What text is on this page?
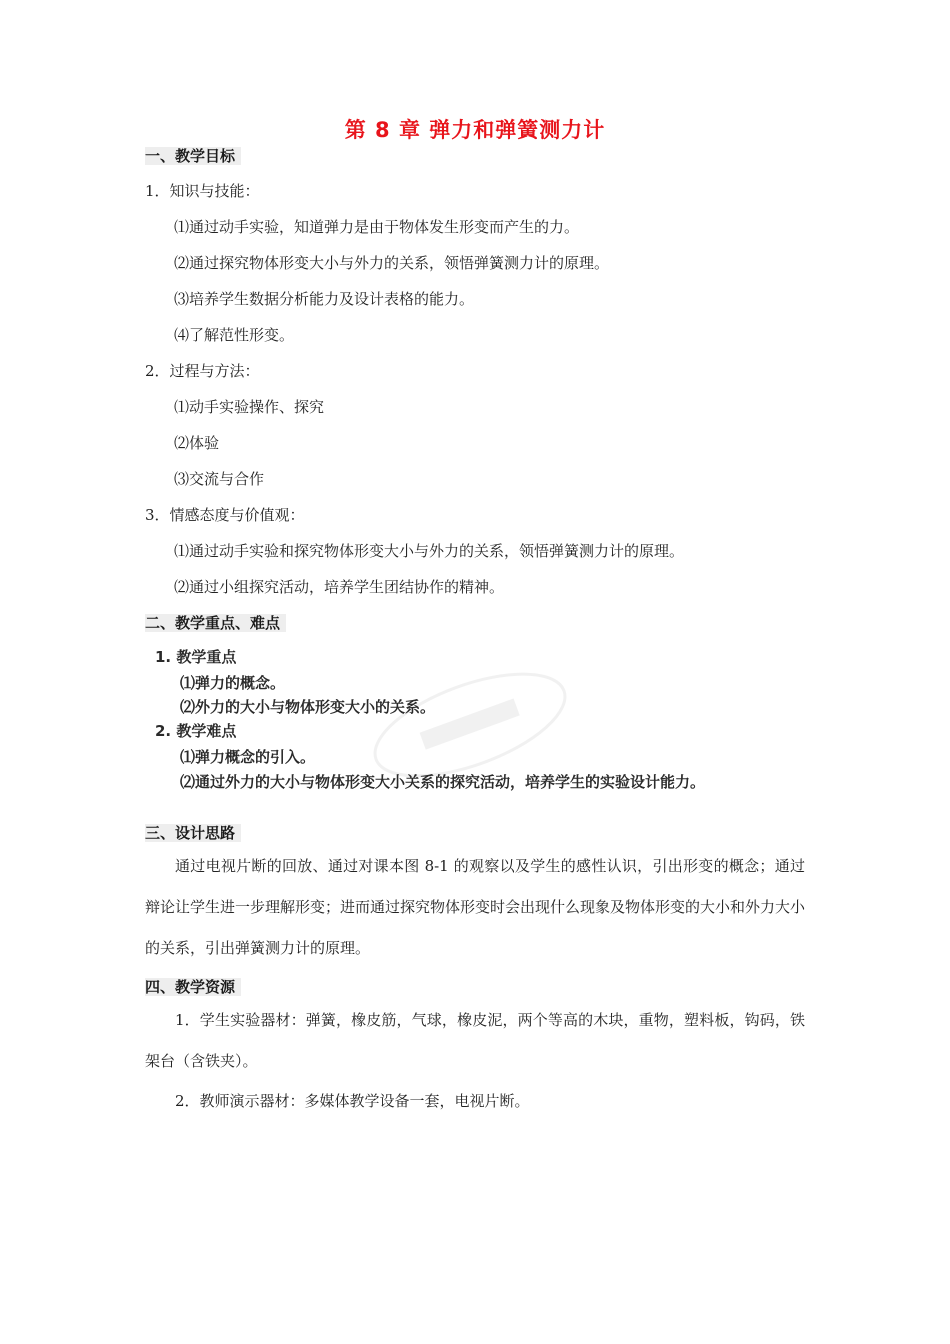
第 8 章 弹力和弹簧测力计
一、教学目标
1．知识与技能：
⑴通过动手实验，知道弹力是由于物体发生形变而产生的力。
⑵通过探究物体形变大小与外力的关系，领悟弹簧测力计的原理。
⑶培养学生数据分析能力及设计表格的能力。
⑷了解范性形变。
2．过程与方法：
⑴动手实验操作、探究
⑵体验
⑶交流与合作
3．情感态度与价值观：
⑴通过动手实验和探究物体形变大小与外力的关系，领悟弹簧测力计的原理。
⑵通过小组探究活动，培养学生团结协作的精神。
二、教学重点、难点
1. 教学重点
⑴弹力的概念。
⑵外力的大小与物体形变大小的关系。
2. 教学难点
⑴弹力概念的引入。
⑵通过外力的大小与物体形变大小关系的探究活动，培养学生的实验设计能力。
三、设计思路
通过电视片断的回放、通过对课本图 8-1 的观察以及学生的感性认识，引出形变的概念；通过辩论让学生进一步理解形变；进而通过探究物体形变时会出现什么现象及物体形变的大小和外力大小的关系，引出弹簧测力计的原理。
四、教学资源
1．学生实验器材：弹簧，橡皮筋，气球，橡皮泥，两个等高的木块，重物，塑料板，钩码，铁架台（含铁夹）。
2．教师演示器材：多媒体教学设备一套，电视片断。
